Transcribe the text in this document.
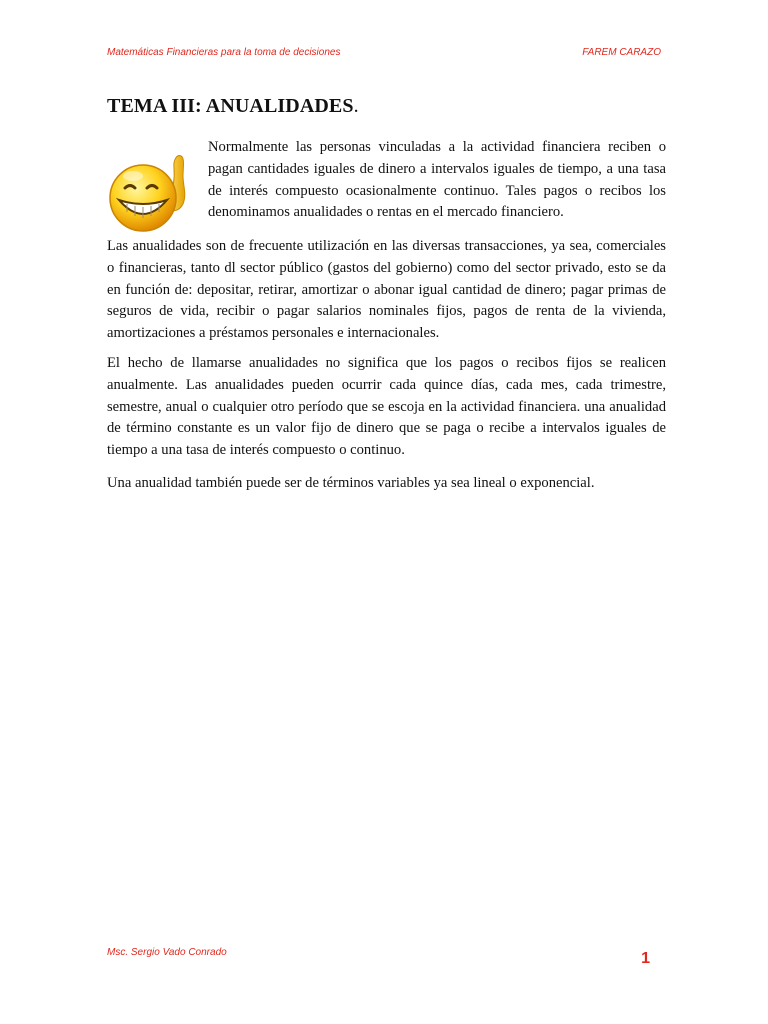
Matemáticas Financieras para la toma de decisiones	FAREM CARAZO
TEMA III: ANUALIDADES.

Normalmente las personas vinculadas a la actividad financiera reciben o pagan cantidades iguales de dinero a intervalos iguales de tiempo, a una tasa de interés compuesto ocasionalmente continuo. Tales pagos o recibos los denominamos anualidades o rentas en el mercado financiero.

Las anualidades son de frecuente utilización en las diversas transacciones, ya sea, comerciales o financieras, tanto dl sector público (gastos del gobierno) como del sector privado, esto se da en función de: depositar, retirar, amortizar o abonar igual cantidad de dinero; pagar primas de seguros de vida, recibir o pagar salarios nominales fijos, pagos de renta de la vivienda, amortizaciones a préstamos personales e internacionales.

El hecho de llamarse anualidades no significa que los pagos o recibos fijos se realicen anualmente. Las anualidades pueden ocurrir cada quince días, cada mes, cada trimestre, semestre, anual o cualquier otro período que se escoja en la actividad financiera. una anualidad de término constante es un valor fijo de dinero que se paga o recibe a intervalos iguales de tiempo a una tasa de interés compuesto o continuo.

Una anualidad también puede ser de términos variables ya sea lineal o exponencial.

Msc. Sergio Vado Conrado	1
